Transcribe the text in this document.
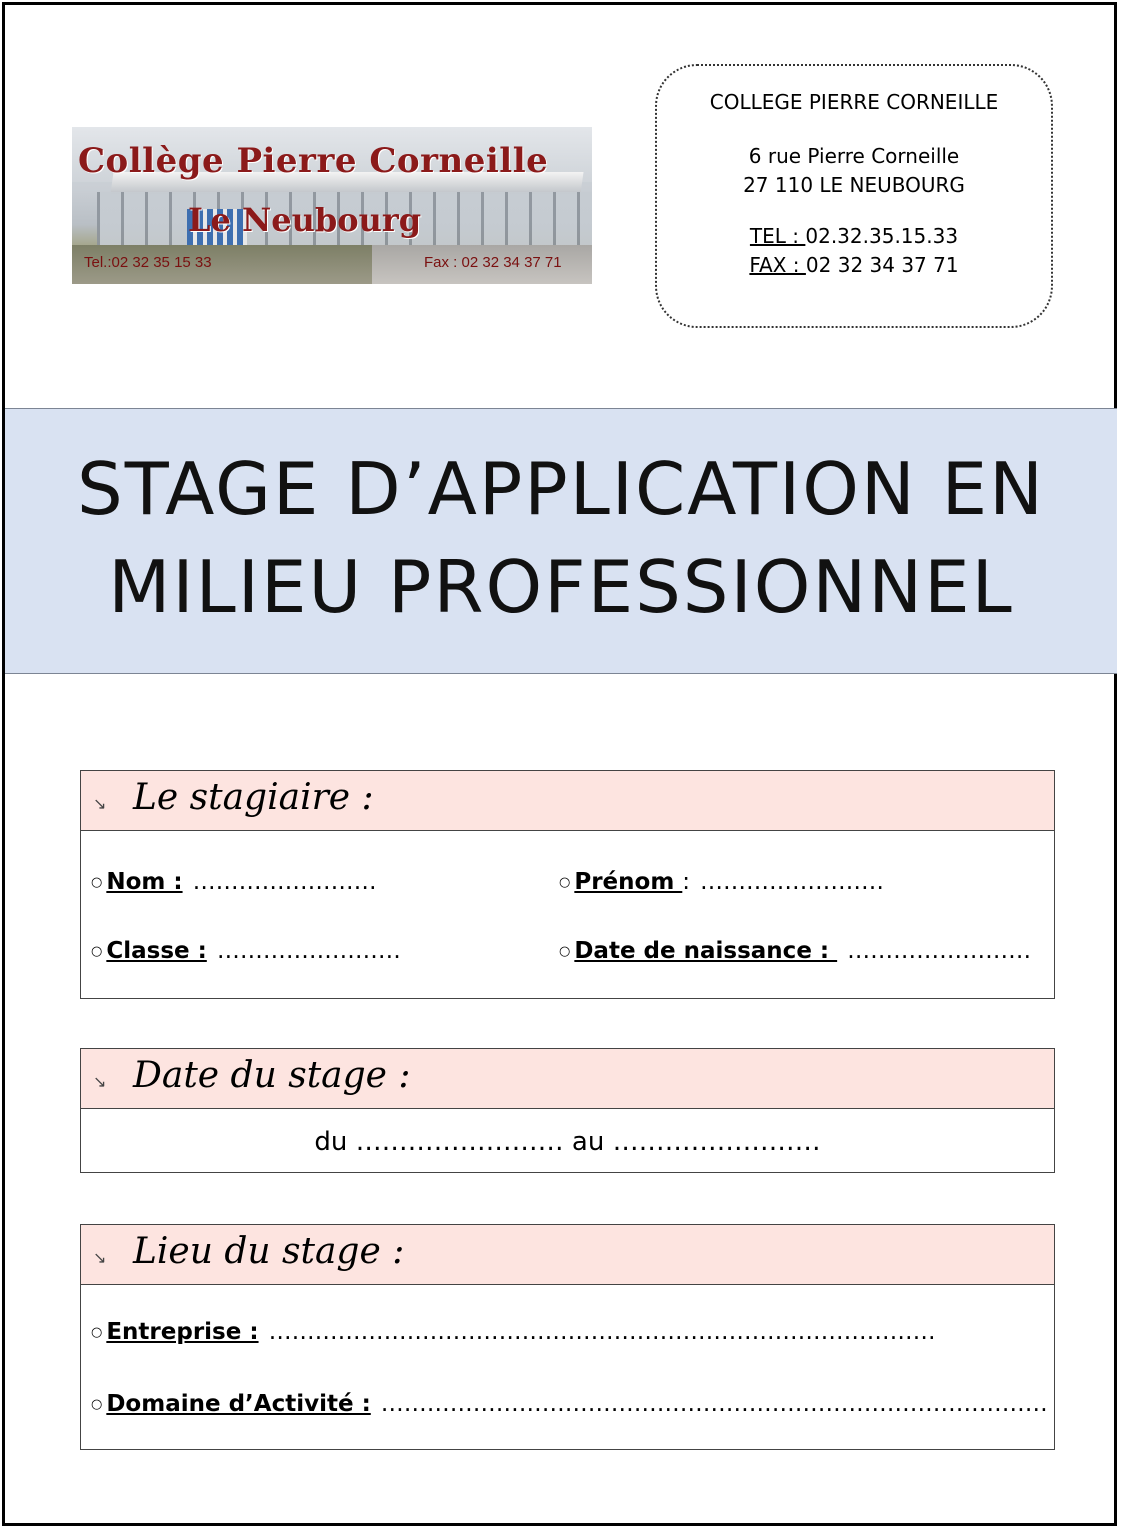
Collège Pierre Corneille
Le Neubourg
Tel.:02 32 35 15 33	Fax : 02 32 34 37 71
COLLEGE PIERRE CORNEILLE
6 rue Pierre Corneille
27 110 LE NEUBOURG
TEL : 02.32.35.15.33
FAX : 02 32 34 37 71
STAGE D’APPLICATION EN
MILIEU PROFESSIONNEL
↘ Le stagiaire :
○ Nom : ……………………	○ Prénom : ……………………
○ Classe : ……………………	○ Date de naissance : ……………………
↘ Date du stage :
du …………………… au ……………………
↘ Lieu du stage :
○ Entreprise : ……………………………………………………………………………
○ Domaine d’Activité : ……………………………………………………………………………
